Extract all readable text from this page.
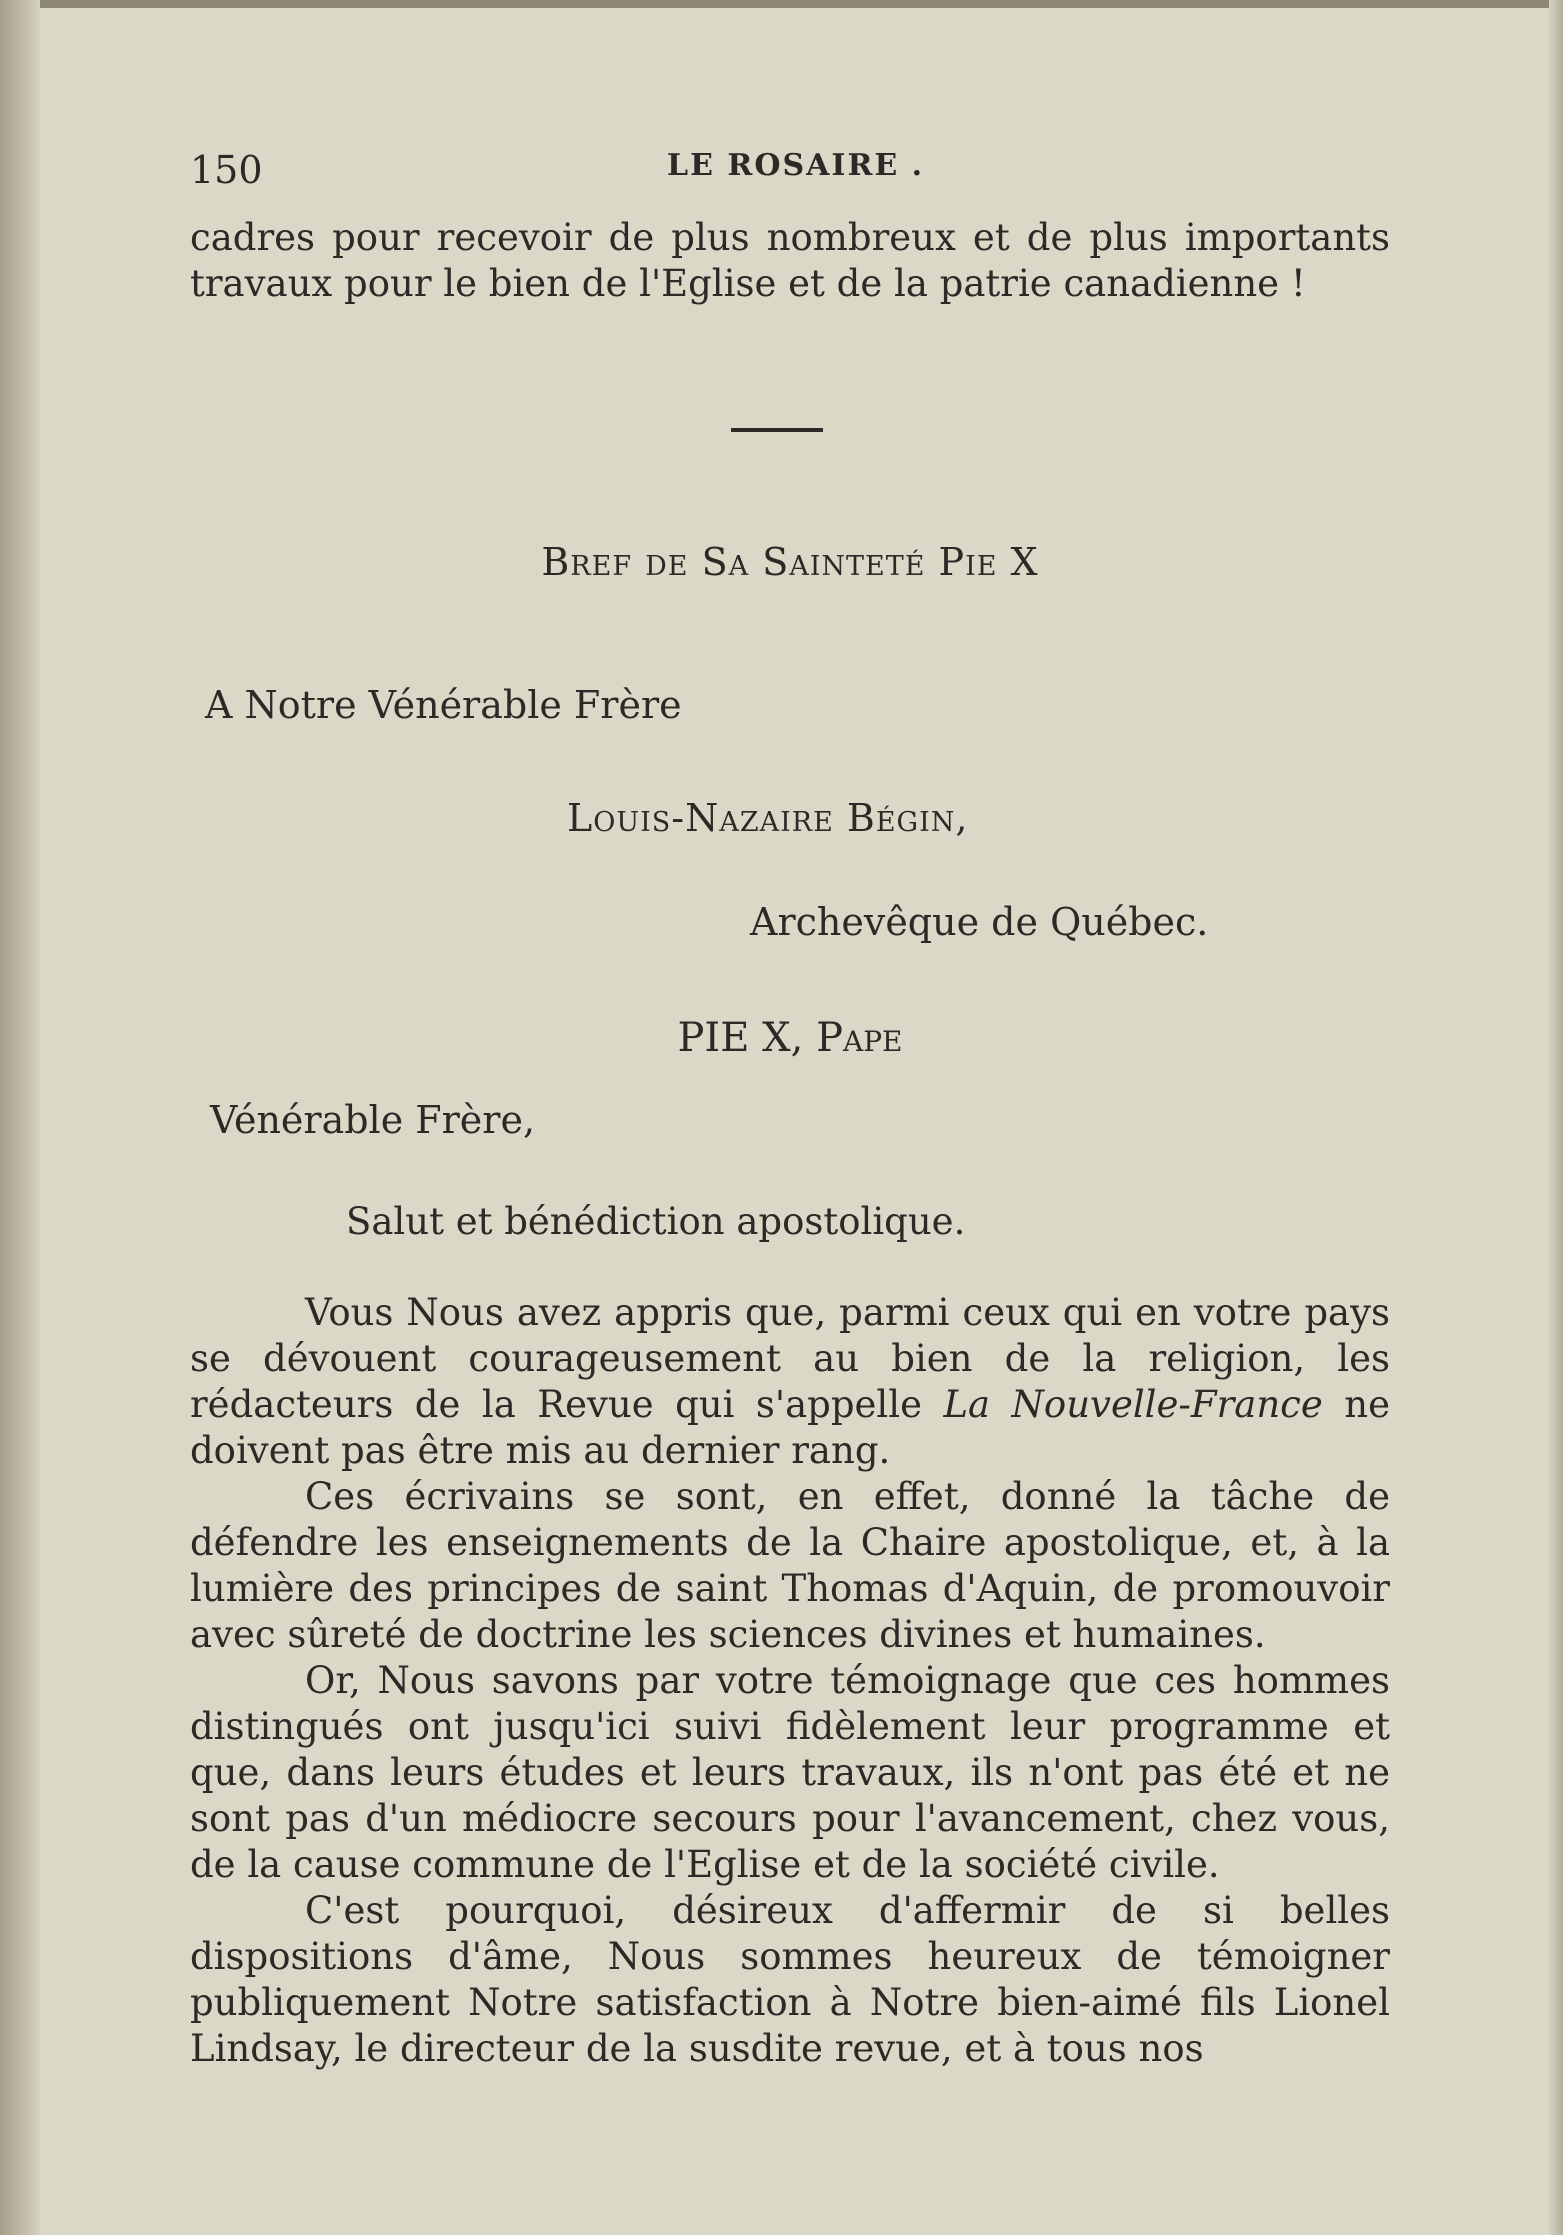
150	LE ROSAIRE .
cadres pour recevoir de plus nombreux et de plus importants travaux pour le bien de l'Eglise et de la patrie canadienne !
Bref de Sa Sainteté Pie X
A Notre Vénérable Frère
Louis-Nazaire Bégin,
Archevêque de Québec.
PIE X, Pape
Vénérable Frère,
Salut et bénédiction apostolique.

Vous Nous avez appris que, parmi ceux qui en votre pays se dévouent courageusement au bien de la religion, les rédacteurs de la Revue qui s'appelle La Nouvelle-France ne doivent pas être mis au dernier rang.

Ces écrivains se sont, en effet, donné la tâche de défendre les enseignements de la Chaire apostolique, et, à la lumière des principes de saint Thomas d'Aquin, de promouvoir avec sûreté de doctrine les sciences divines et humaines.

Or, Nous savons par votre témoignage que ces hommes distingués ont jusqu'ici suivi fidèlement leur programme et que, dans leurs études et leurs travaux, ils n'ont pas été et ne sont pas d'un médiocre secours pour l'avancement, chez vous, de la cause commune de l'Eglise et de la société civile.

C'est pourquoi, désireux d'affermir de si belles dispositions d'âme, Nous sommes heureux de témoigner publiquement Notre satisfaction à Notre bien-aimé fils Lionel Lindsay, le directeur de la susdite revue, et à tous nos
